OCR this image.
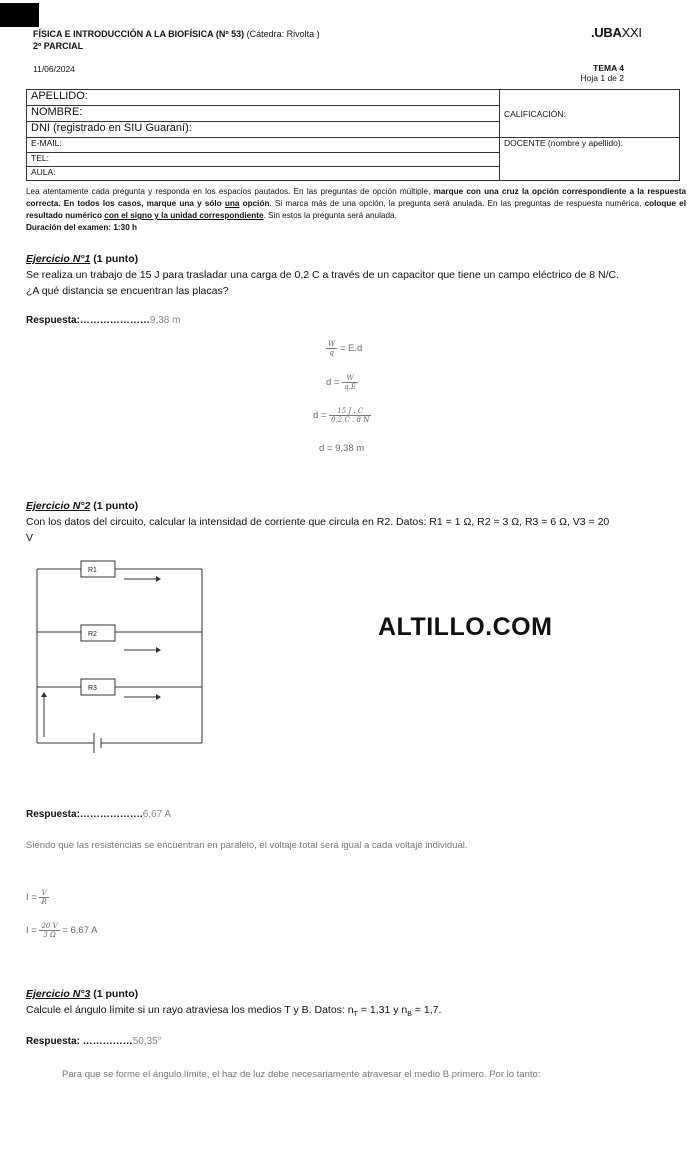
FÍSICA E INTRODUCCIÓN A LA BIOFÍSICA (Nº 53) (Cátedra: Rivolta )
2º PARCIAL
11/06/2024
.UBAXXI
TEMA 4
Hoja 1 de 2
APELLIDO:	CALIFICACIÓN:
NOMBRE:	
DNI (registrado en SIU Guaraní):	
E-MAIL:	DOCENTE (nombre y apellido):
TEL:	
AULA:	
Lea atentamente cada pregunta y responda en los espacios pautados. En las preguntas de opción múltiple, marque con una cruz la opción correspondiente a la respuesta correcta. En todos los casos, marque una y sólo una opción. Si marca más de una opción, la pregunta será anulada. En las preguntas de respuesta numérica, coloque el resultado numérico con el signo y la unidad correspondiente. Sin estos la pregunta será anulada.
Duración del examen: 1:30 h
Ejercicio N°1 (1 punto)
Se realiza un trabajo de 15 J para trasladar una carga de 0,2 C a través de un capacitor que tiene un campo eléctrico de 8 N/C.
¿A qué distancia se encuentran las placas?
Respuesta:…………………9,38 m
$\frac{W}{q} = E.d$
$d = \frac{W}{q.E}$
$d = \frac{15 J . C}{0,2 C . 8 N}$
d = 9,38 m
Ejercicio N°2 (1 punto)
Con los datos del circuito, calcular la intensidad de corriente que circula en R2. Datos: R1 = 1 Ω, R2 = 3 Ω, R3 = 6 Ω, V3 = 20
V
R1
R2
R3
ALTILLO.COM
Respuesta:……………….6,67 A
Siendo que las resistencias se encuentran en paralelo, el voltaje total será igual a cada voltaje individual.
$I = \frac{V}{R}$
$I = \frac{20 V}{3 \Omega} = 6,67$ A
Ejercicio N°3 (1 punto)
Calcule el ángulo límite si un rayo atraviesa los medios T y B. Datos: $n_T = 1,31$ y $n_B = 1,7$.
Respuesta: ……………50,35°
Para que se forme el ángulo límite, el haz de luz debe necesariamente atravesar el medio B primero. Por lo tanto:
